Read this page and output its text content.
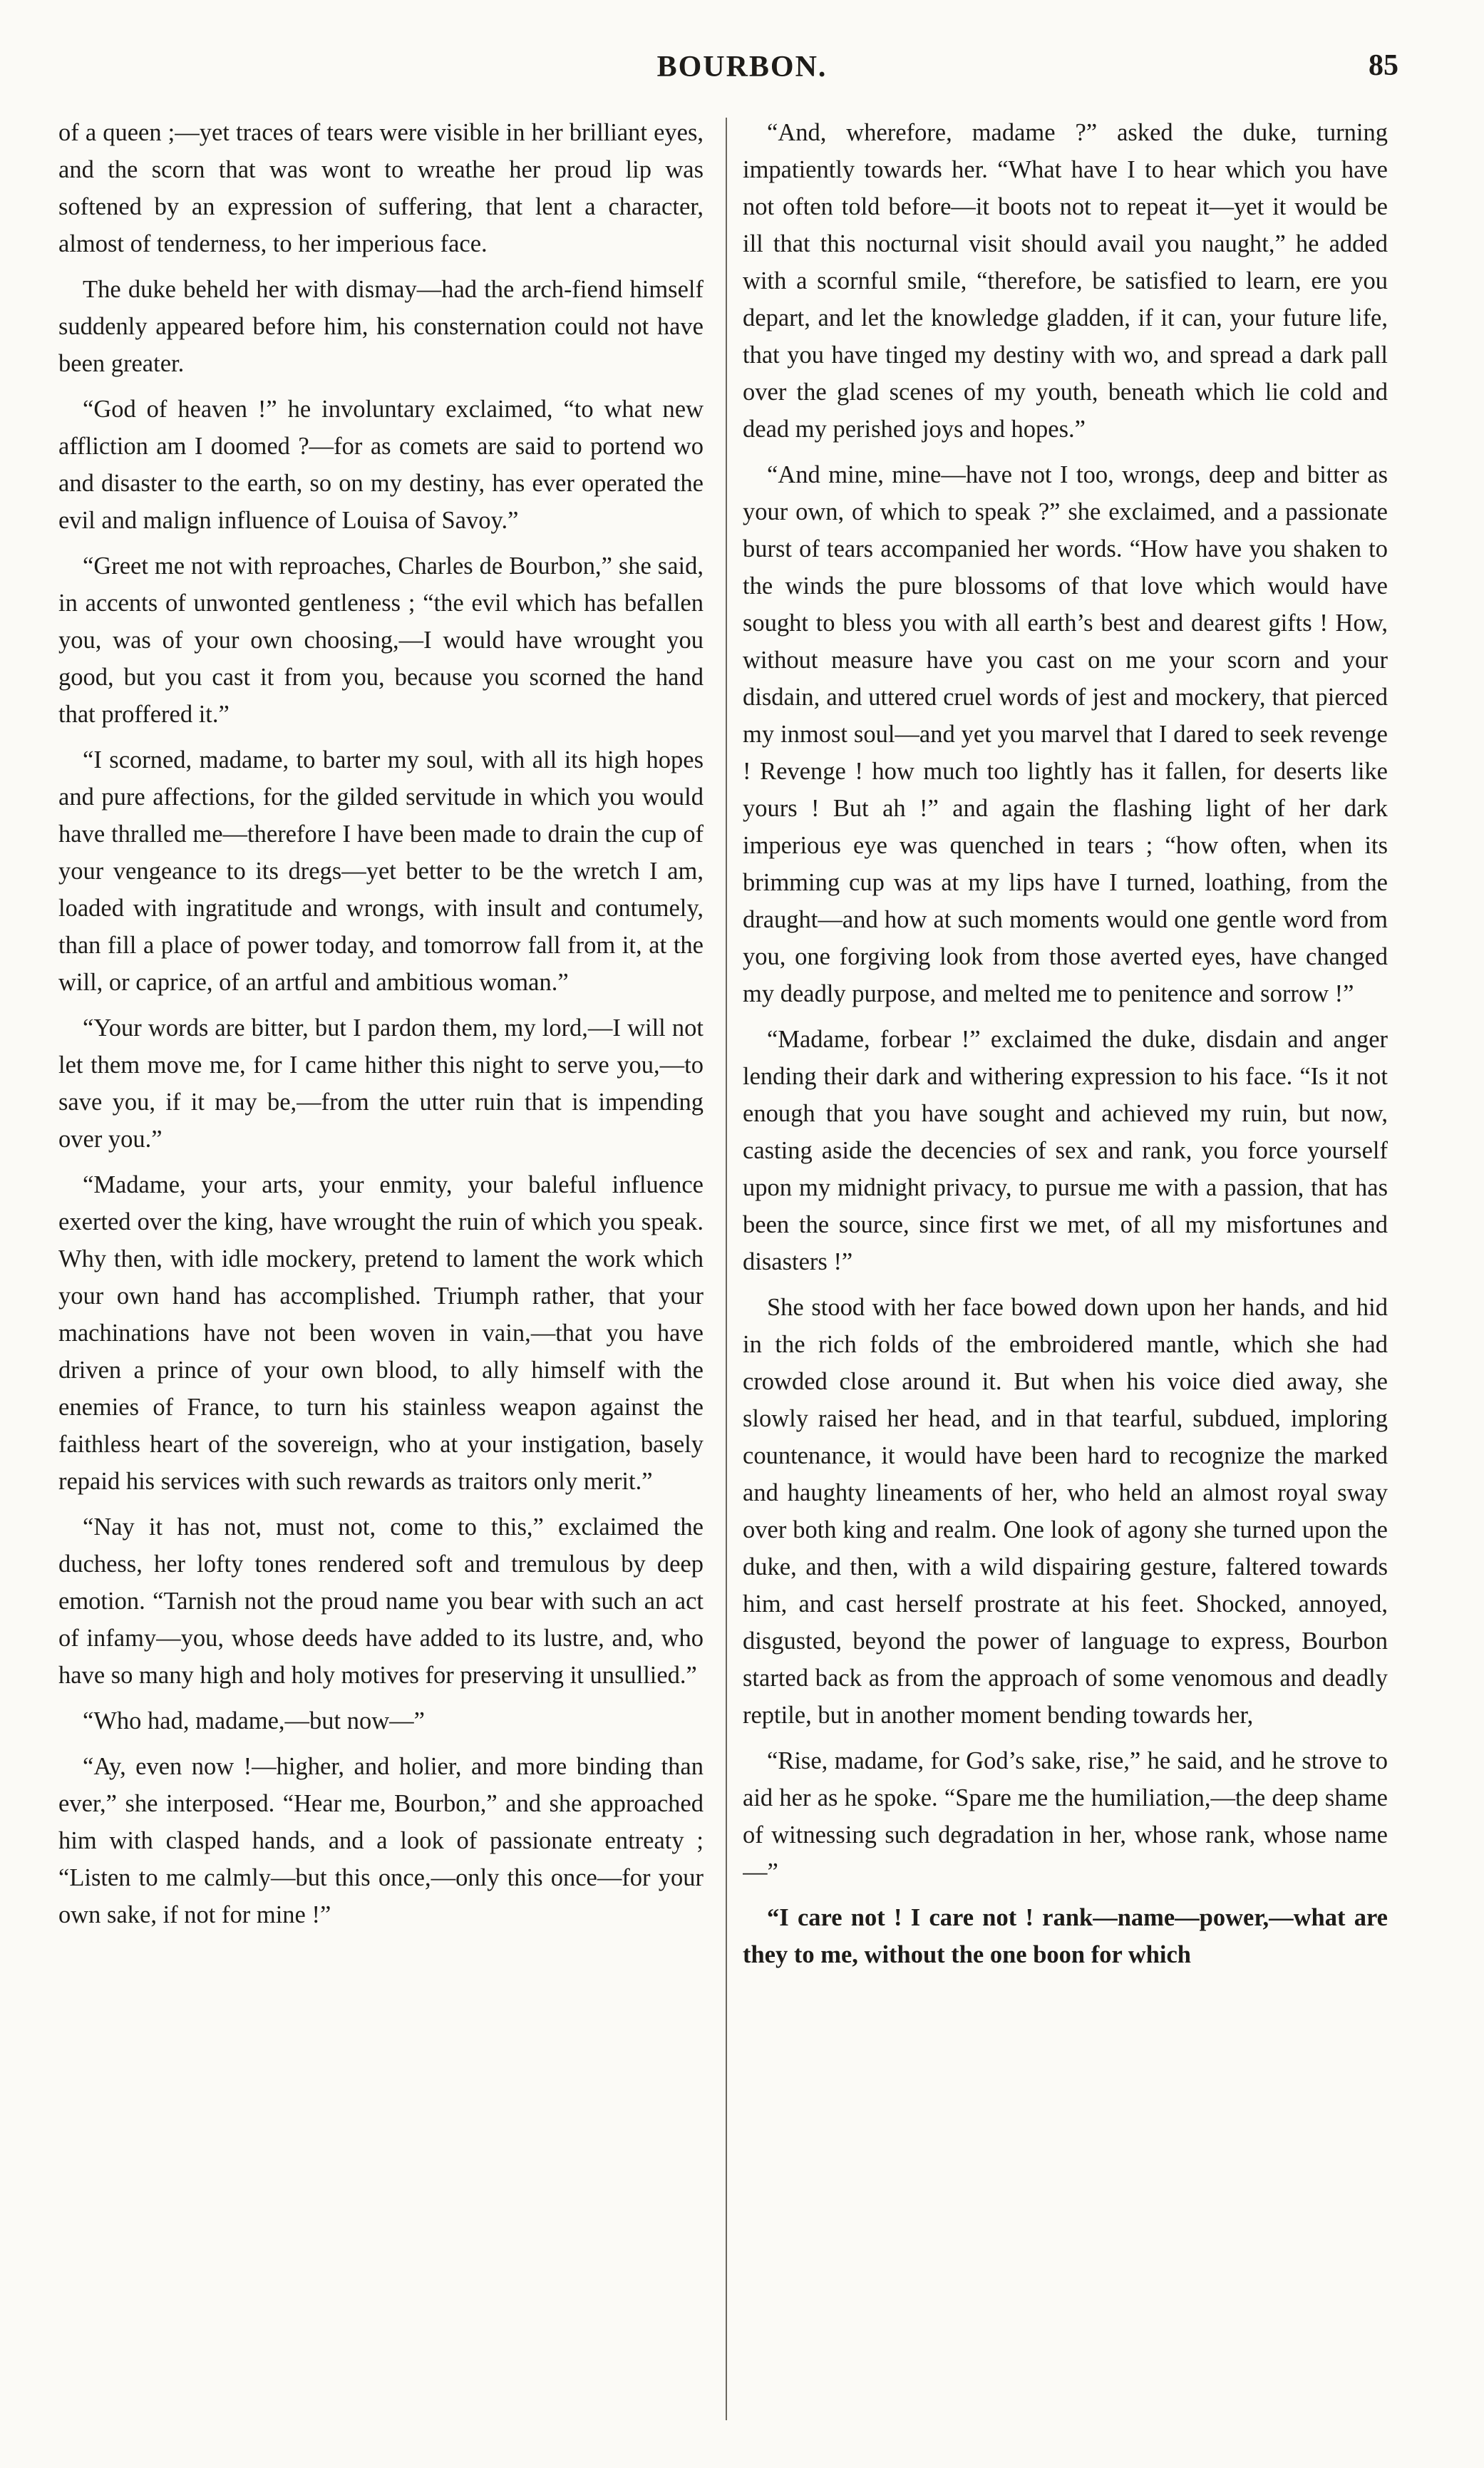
BOURBON.	85

of a queen ;—yet traces of tears were visible in her brilliant eyes, and the scorn that was wont to wreathe her proud lip was softened by an expression of suffering, that lent a character, almost of tenderness, to her imperious face.

The duke beheld her with dismay—had the arch-fiend himself suddenly appeared before him, his consternation could not have been greater.

“God of heaven !” he involuntary exclaimed, “to what new affliction am I doomed ?—for as comets are said to portend wo and disaster to the earth, so on my destiny, has ever operated the evil and malign influence of Louisa of Savoy.”

“Greet me not with reproaches, Charles de Bourbon,” she said, in accents of unwonted gentleness ; “the evil which has befallen you, was of your own choosing,—I would have wrought you good, but you cast it from you, because you scorned the hand that proffered it.”

“I scorned, madame, to barter my soul, with all its high hopes and pure affections, for the gilded servitude in which you would have thralled me—therefore I have been made to drain the cup of your vengeance to its dregs—yet better to be the wretch I am, loaded with ingratitude and wrongs, with insult and contumely, than fill a place of power today, and tomorrow fall from it, at the will, or caprice, of an artful and ambitious woman.”

“Your words are bitter, but I pardon them, my lord,—I will not let them move me, for I came hither this night to serve you,—to save you, if it may be,—from the utter ruin that is impending over you.”

“Madame, your arts, your enmity, your baleful influence exerted over the king, have wrought the ruin of which you speak. Why then, with idle mockery, pretend to lament the work which your own hand has accomplished. Triumph rather, that your machinations have not been woven in vain,—that you have driven a prince of your own blood, to ally himself with the enemies of France, to turn his stainless weapon against the faithless heart of the sovereign, who at your instigation, basely repaid his services with such rewards as traitors only merit.”

“Nay it has not, must not, come to this,” exclaimed the duchess, her lofty tones rendered soft and tremulous by deep emotion. “Tarnish not the proud name you bear with such an act of infamy—you, whose deeds have added to its lustre, and, who have so many high and holy motives for preserving it unsullied.”

“Who had, madame,—but now—”

“Ay, even now !—higher, and holier, and more binding than ever,” she interposed. “Hear me, Bourbon,” and she approached him with clasped hands, and a look of passionate entreaty ; “Listen to me calmly—but this once,—only this once—for your own sake, if not for mine !”

“And, wherefore, madame ?” asked the duke, turning impatiently towards her. “What have I to hear which you have not often told before—it boots not to repeat it—yet it would be ill that this nocturnal visit should avail you naught,” he added with a scornful smile, “therefore, be satisfied to learn, ere you depart, and let the knowledge gladden, if it can, your future life, that you have tinged my destiny with wo, and spread a dark pall over the glad scenes of my youth, beneath which lie cold and dead my perished joys and hopes.”

“And mine, mine—have not I too, wrongs, deep and bitter as your own, of which to speak ?” she exclaimed, and a passionate burst of tears accompanied her words. “How have you shaken to the winds the pure blossoms of that love which would have sought to bless you with all earth’s best and dearest gifts ! How, without measure have you cast on me your scorn and your disdain, and uttered cruel words of jest and mockery, that pierced my inmost soul—and yet you marvel that I dared to seek revenge ! Revenge ! how much too lightly has it fallen, for deserts like yours ! But ah !” and again the flashing light of her dark imperious eye was quenched in tears ; “how often, when its brimming cup was at my lips have I turned, loathing, from the draught—and how at such moments would one gentle word from you, one forgiving look from those averted eyes, have changed my deadly purpose, and melted me to penitence and sorrow !”

“Madame, forbear !” exclaimed the duke, disdain and anger lending their dark and withering expression to his face. “Is it not enough that you have sought and achieved my ruin, but now, casting aside the decencies of sex and rank, you force yourself upon my midnight privacy, to pursue me with a passion, that has been the source, since first we met, of all my misfortunes and disasters !”

She stood with her face bowed down upon her hands, and hid in the rich folds of the embroidered mantle, which she had crowded close around it. But when his voice died away, she slowly raised her head, and in that tearful, subdued, imploring countenance, it would have been hard to recognize the marked and haughty lineaments of her, who held an almost royal sway over both king and realm. One look of agony she turned upon the duke, and then, with a wild dispairing gesture, faltered towards him, and cast herself prostrate at his feet. Shocked, annoyed, disgusted, beyond the power of language to express, Bourbon started back as from the approach of some venomous and deadly reptile, but in another moment bending towards her,

“Rise, madame, for God’s sake, rise,” he said, and he strove to aid her as he spoke. “Spare me the humiliation,—the deep shame of witnessing such degradation in her, whose rank, whose name—”

“I care not ! I care not ! rank—name—power,—what are they to me, without the one boon for which
